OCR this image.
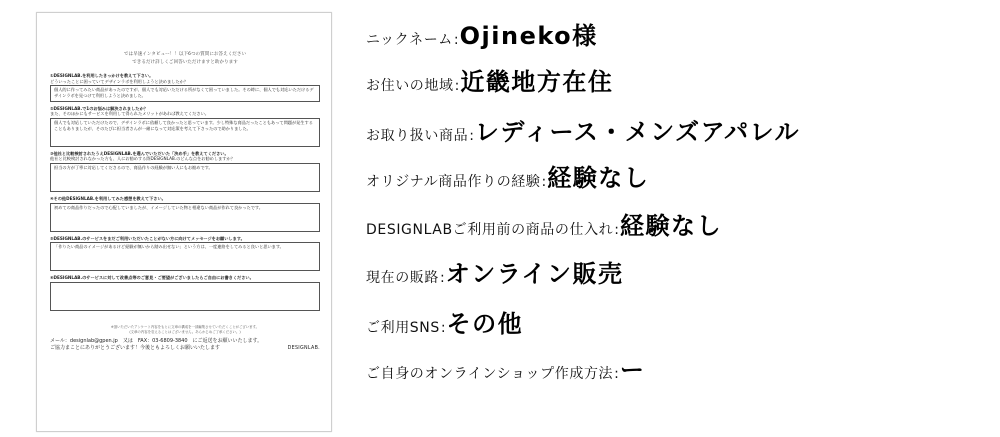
では早速インタビュー！！以下6つの質問にお答えください
できるだけ詳しくご回答いただけますと助かります
①DESIGNLAB.を利用したきっかけを教えて下さい。
どういったことに困っていてデザインラボを利用しようと決めましたか？
個人的に作ってみたい商品があったのですが、個人でも対応いただける所がなくて困っていました。その時に、個人でも対応いただけるデザインラボを見つけて利用しようと決めました。
②DESIGNLAB.で1のお悩みは解決されましたか？
また、そのほかにもサービスを利用して得られたメリットがあれば教えてください。
個人でも対応していただけたので、デザインラボに依頼して良かったと思っています。少し特殊な商品だったこともあって問題が発生することもありましたが、そのたびに担当者さんが一緒になって対応策を考えて下さったので助かりました。
③他社と比較検討されたうえDESIGNLAB.を選んでいただいた「決め手」を教えてください。
他社と比較検討されなかった方も、人にお勧めする際DESIGNLAB.のどんな点をお勧めしますか？
担当の方が丁寧に対応してくださるので、商品作りの経験が無い人にもお勧めです。
④その他DESIGNLAB.を利用してみた感想を教えて下さい。
初めての商品作りだったので心配していましたが、イメージしていた物と相違ない商品が作れて良かったです。
⑤DESIGNLAB.のサービスをまだご利用いただいたことがない方に向けてメッセージをお願いします。
「作りたい商品のイメージがあるけど経験が無いから踏み出せない」という方は、一度連絡をしてみると良いと思います。
⑥DESIGNLAB.のサービスに対して改善点等のご意見・ご要望がございましたらご自由にお書きください。
※頂いただいたアンケート内容をもとに文章の構成を一部編集させていただくことがございます。
(文章の内容を変えることはございません。あらかじめご了承ください。)
メール：designlab@gpen.jp　又は　FAX：03-6809-3840　にご返送をお願いいたします。
ご協力まことにありがとうございます！今後ともよろしくお願いいたします	DESIGNLAB.
ニックネーム : Ojineko様
お住いの地域 : 近畿地方在住
お取り扱い商品 : レディース・メンズアパレル
オリジナル商品作りの経験 : 経験なし
DESIGNLABご利用前の商品の仕入れ : 経験なし
現在の販路 : オンライン販売
ご利用SNS : その他
ご自身のオンラインショップ作成方法 : ー
